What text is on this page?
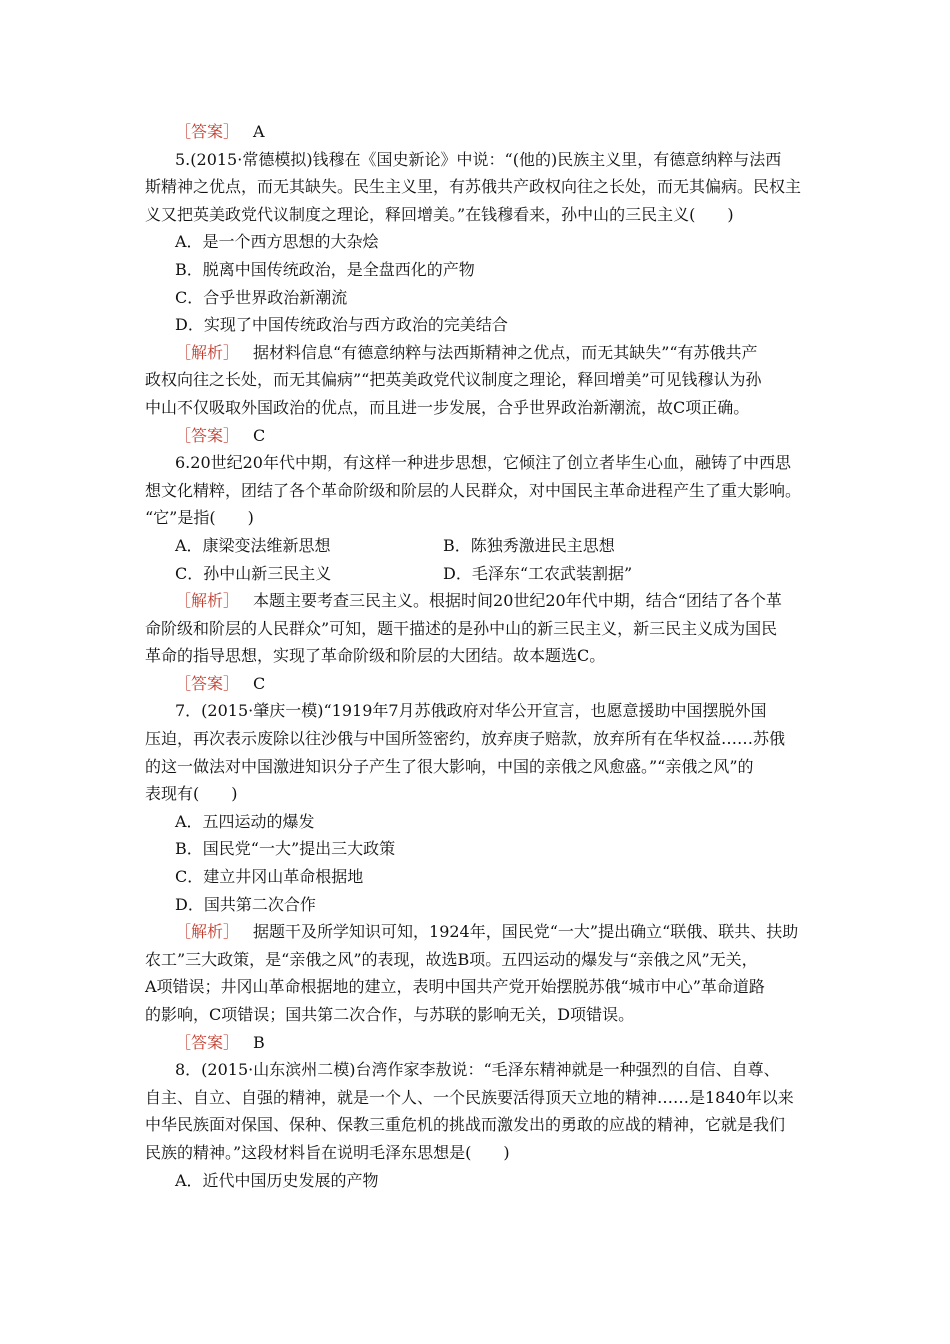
［答案］ A

5.(2015·常德模拟)钱穆在《国史新论》中说：“(他的)民族主义里，有德意纳粹与法西

斯精神之优点，而无其缺失。民生主义里，有苏俄共产政权向往之长处，而无其偏病。民权主
义又把英美政党代议制度之理论，释回增美。”在钱穆看来，孙中山的三民主义(　　)

A．是一个西方思想的大杂烩

B．脱离中国传统政治，是全盘西化的产物

C．合乎世界政治新潮流

D．实现了中国传统政治与西方政治的完美结合

［解析］ 据材料信息“有德意纳粹与法西斯精神之优点，而无其缺失”“有苏俄共产

政权向往之长处，而无其偏病”“把英美政党代议制度之理论，释回增美”可见钱穆认为孙
中山不仅吸取外国政治的优点，而且进一步发展，合乎世界政治新潮流，故C项正确。

［答案］ C

6.20世纪20年代中期，有这样一种进步思想，它倾注了创立者毕生心血，融铸了中西思

想文化精粹，团结了各个革命阶级和阶层的人民群众，对中国民主革命进程产生了重大影响。
“它”是指(　　)

A．康梁变法维新思想	B．陈独秀激进民主思想
C．孙中山新三民主义	D．毛泽东“工农武装割据”

［解析］ 本题主要考查三民主义。根据时间20世纪20年代中期，结合“团结了各个革

命阶级和阶层的人民群众”可知，题干描述的是孙中山的新三民主义，新三民主义成为国民
革命的指导思想，实现了革命阶级和阶层的大团结。故本题选C。

［答案］ C

7．(2015·肇庆一模)“1919年7月苏俄政府对华公开宣言，也愿意援助中国摆脱外国

压迫，再次表示废除以往沙俄与中国所签密约，放弃庚子赔款，放弃所有在华权益……苏俄
的这一做法对中国激进知识分子产生了很大影响，中国的亲俄之风愈盛。”“亲俄之风”的
表现有(　　)

A．五四运动的爆发

B．国民党“一大”提出三大政策

C．建立井冈山革命根据地

D．国共第二次合作

［解析］ 据题干及所学知识可知，1924年，国民党“一大”提出确立“联俄、联共、扶助

农工”三大政策，是“亲俄之风”的表现，故选B项。五四运动的爆发与“亲俄之风”无关，
A项错误；井冈山革命根据地的建立，表明中国共产党开始摆脱苏俄“城市中心”革命道路
的影响，C项错误；国共第二次合作，与苏联的影响无关，D项错误。

［答案］ B

8．(2015·山东滨州二模)台湾作家李敖说：“毛泽东精神就是一种强烈的自信、自尊、

自主、自立、自强的精神，就是一个人、一个民族要活得顶天立地的精神……是1840年以来
中华民族面对保国、保种、保教三重危机的挑战而激发出的勇敢的应战的精神，它就是我们
民族的精神。”这段材料旨在说明毛泽东思想是(　　)

A．近代中国历史发展的产物
